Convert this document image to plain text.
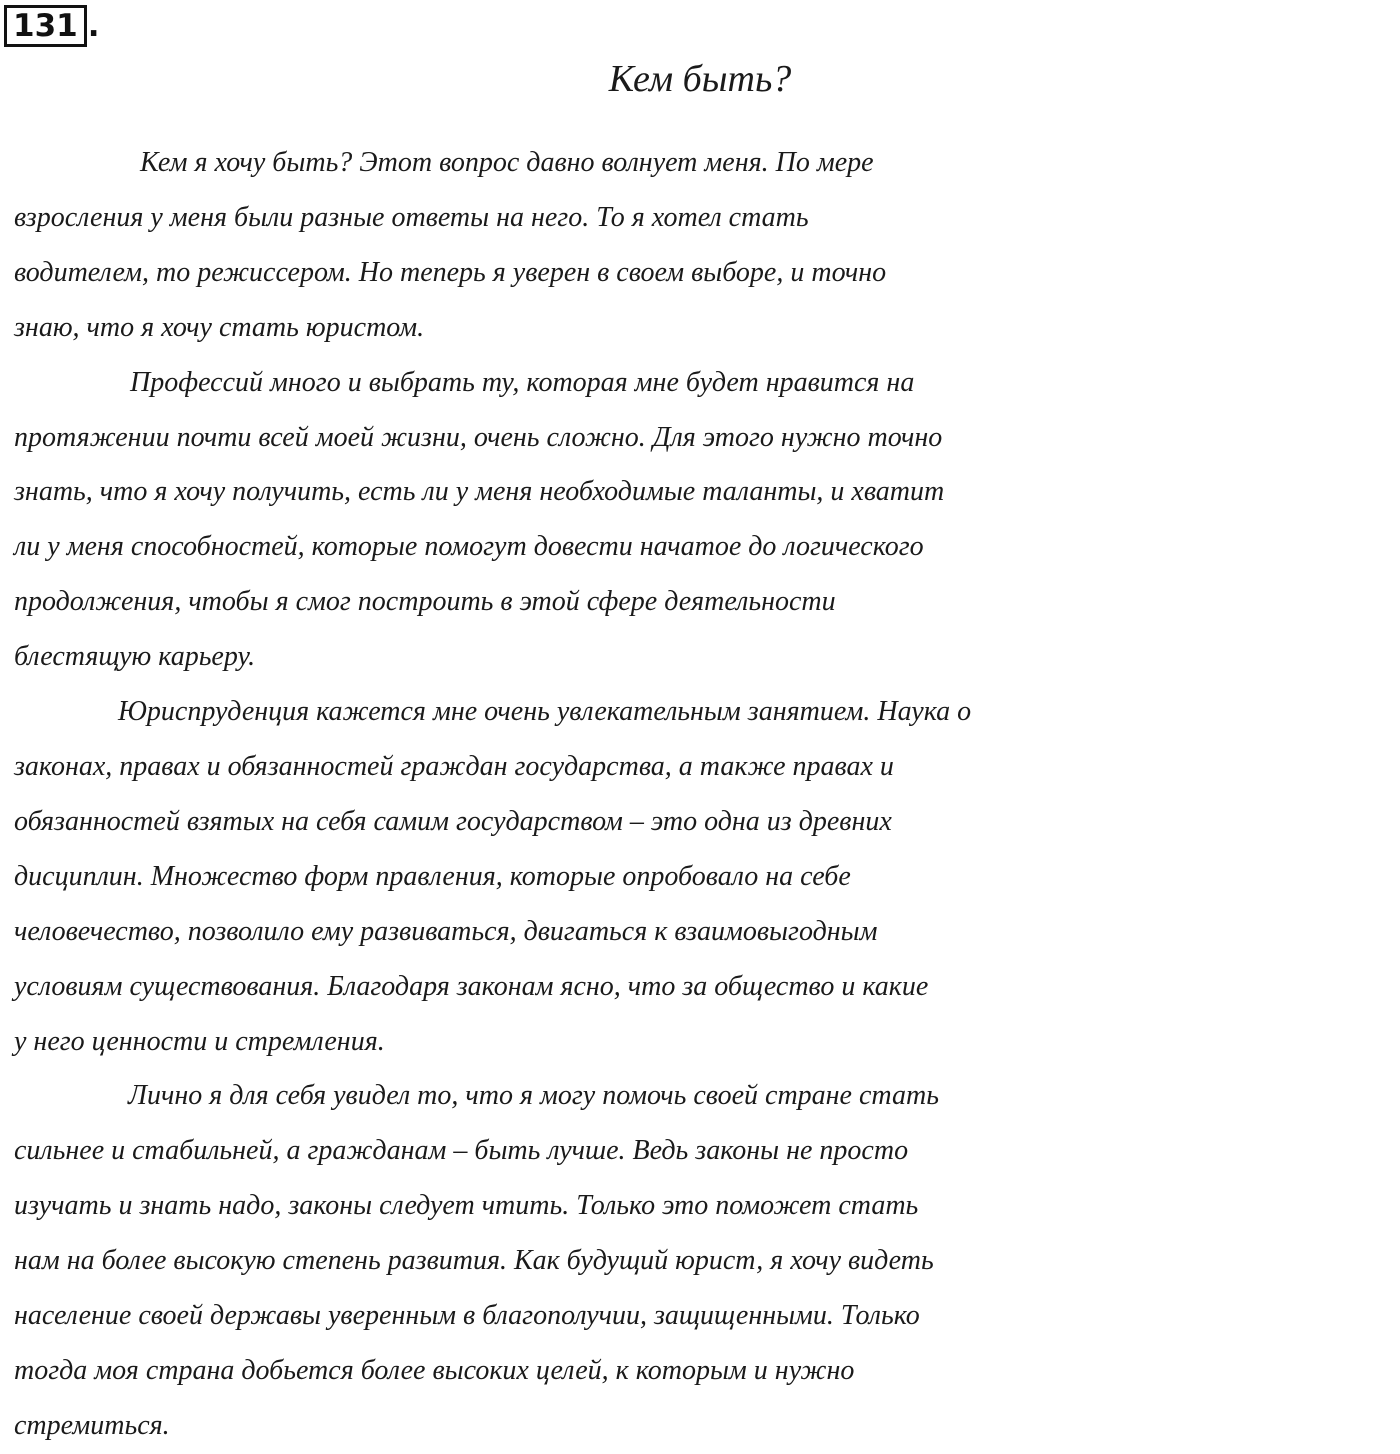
131 .
Кем быть?
Кем я хочу быть? Этот вопрос давно волнует меня. По мере
взросления у меня были разные ответы на него. То я хотел стать
водителем, то режиссером. Но теперь я уверен в своем выборе, и точно
знаю, что я хочу стать юристом.
Профессий много и выбрать ту, которая мне будет нравится на
протяжении почти всей моей жизни, очень сложно. Для этого нужно точно
знать, что я хочу получить, есть ли у меня необходимые таланты, и хватит
ли у меня способностей, которые помогут довести начатое до логического
продолжения, чтобы я смог построить в этой сфере деятельности
блестящую карьеру.
Юриспруденция кажется мне очень увлекательным занятием. Наука о
законах, правах и обязанностей граждан государства, а также правах и
обязанностей взятых на себя самим государством – это одна из древних
дисциплин. Множество форм правления, которые опробовало на себе
человечество, позволило ему развиваться, двигаться к взаимовыгодным
условиям существования. Благодаря законам ясно, что за общество и какие
у него ценности и стремления.
Лично я для себя увидел то, что я могу помочь своей стране стать
сильнее и стабильней, а гражданам – быть лучше. Ведь законы не просто
изучать и знать надо, законы следует чтить. Только это поможет стать
нам на более высокую степень развития. Как будущий юрист, я хочу видеть
население своей державы уверенным в благополучии, защищенными. Только
тогда моя страна добьется более высоких целей, к которым и нужно
стремиться.
